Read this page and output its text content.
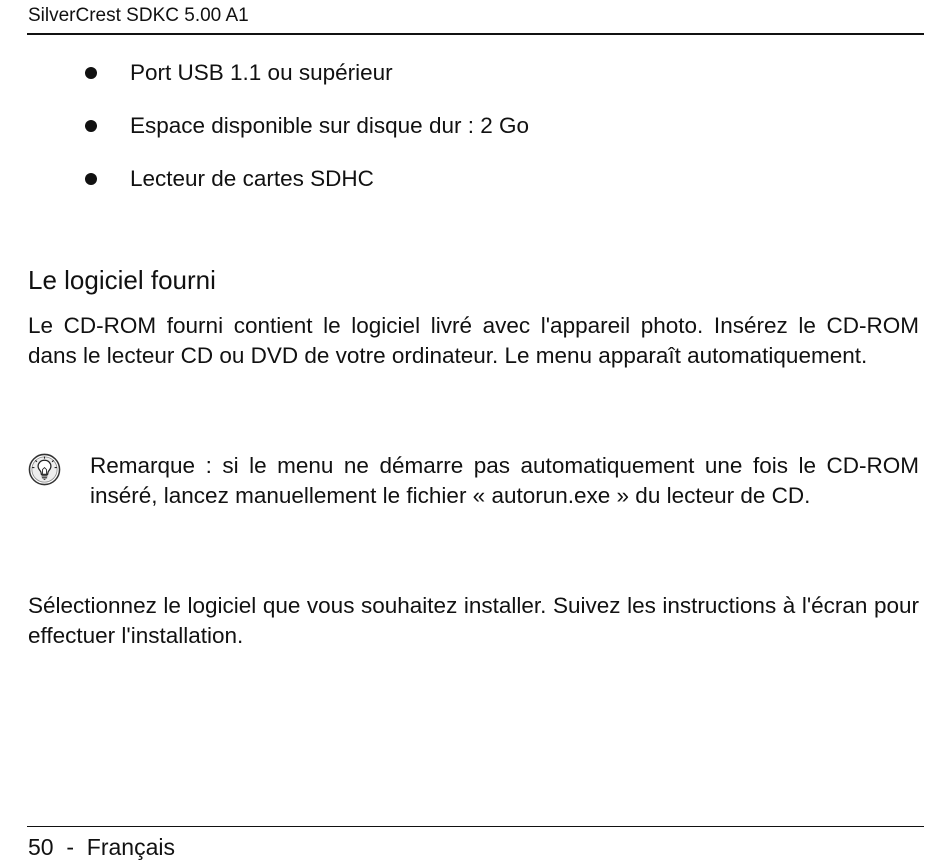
SilverCrest SDKC 5.00 A1
Port USB 1.1 ou supérieur
Espace disponible sur disque dur : 2 Go
Lecteur de cartes SDHC
Le logiciel fourni

Le CD-ROM fourni contient le logiciel livré avec l'appareil photo. Insérez le CD-ROM dans le lecteur CD ou DVD de votre ordinateur. Le menu apparaît automatiquement.

Remarque : si le menu ne démarre pas automatiquement une fois le CD-ROM inséré, lancez manuellement le fichier « autorun.exe » du lecteur de CD.

Sélectionnez le logiciel que vous souhaitez installer. Suivez les instructions à l'écran pour effectuer l'installation.

50  -  Français
